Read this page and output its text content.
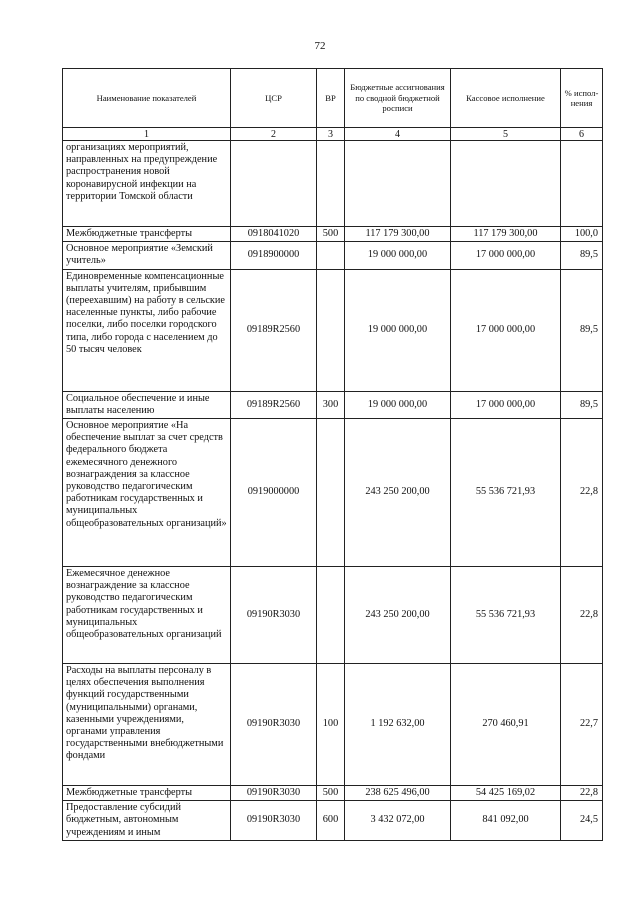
72
Наименование показателей	ЦСР	ВР	Бюджетные ассигнования по сводной бюджетной росписи	Кассовое исполнение	% испол-нения
1	2	3	4	5	6
организациях мероприятий, направленных на предупреждение распространения новой коронавирусной инфекции на территории Томской области					
Межбюджетные трансферты	0918041020	500	117 179 300,00	117 179 300,00	100,0
Основное мероприятие «Земский учитель»	0918900000		19 000 000,00	17 000 000,00	89,5
Единовременные компенсационные выплаты учителям, прибывшим (переехавшим) на работу в сельские населенные пункты, либо рабочие поселки, либо поселки городского типа, либо города с населением до 50 тысяч человек	09189R2560		19 000 000,00	17 000 000,00	89,5
Социальное обеспечение и иные выплаты населению	09189R2560	300	19 000 000,00	17 000 000,00	89,5
Основное мероприятие «На обеспечение выплат за счет средств федерального бюджета ежемесячного денежного вознаграждения за классное руководство педагогическим работникам государственных и муниципальных общеобразовательных организаций»	0919000000		243 250 200,00	55 536 721,93	22,8
Ежемесячное денежное вознаграждение за классное руководство педагогическим работникам государственных и муниципальных общеобразовательных организаций	09190R3030		243 250 200,00	55 536 721,93	22,8
Расходы на выплаты персоналу в целях обеспечения выполнения функций государственными (муниципальными) органами, казенными учреждениями, органами управления государственными внебюджетными фондами	09190R3030	100	1 192 632,00	270 460,91	22,7
Межбюджетные трансферты	09190R3030	500	238 625 496,00	54 425 169,02	22,8
Предоставление субсидий бюджетным, автономным учреждениям и иным	09190R3030	600	3 432 072,00	841 092,00	24,5
